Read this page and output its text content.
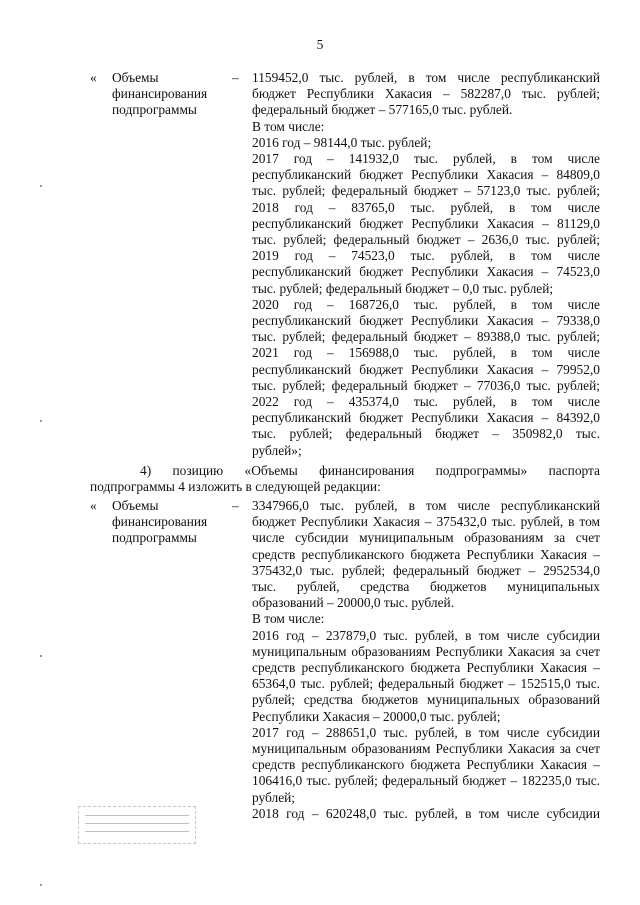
5
« Объемы
финансирования
подпрограммы
– 1159452,0 тыс. рублей, в том числе республиканский
бюджет Республики Хакасия – 582287,0 тыс. рублей;
федеральный бюджет – 577165,0 тыс. рублей.
В том числе:
2016 год – 98144,0 тыс. рублей;
2017 год – 141932,0 тыс. рублей, в том числе
республиканский бюджет Республики Хакасия – 84809,0
тыс. рублей; федеральный бюджет – 57123,0 тыс. рублей;
2018 год – 83765,0 тыс. рублей, в том числе
республиканский бюджет Республики Хакасия – 81129,0
тыс. рублей; федеральный бюджет – 2636,0 тыс. рублей;
2019 год – 74523,0 тыс. рублей, в том числе
республиканский бюджет Республики Хакасия – 74523,0
тыс. рублей; федеральный бюджет – 0,0 тыс. рублей;
2020 год – 168726,0 тыс. рублей, в том числе
республиканский бюджет Республики Хакасия – 79338,0
тыс. рублей; федеральный бюджет – 89388,0 тыс. рублей;
2021 год – 156988,0 тыс. рублей, в том числе
республиканский бюджет Республики Хакасия – 79952,0
тыс. рублей; федеральный бюджет – 77036,0 тыс. рублей;
2022 год – 435374,0 тыс. рублей, в том числе
республиканский бюджет Республики Хакасия – 84392,0
тыс. рублей; федеральный бюджет – 350982,0 тыс.
рублей»;
4) позицию «Объемы финансирования подпрограммы» паспорта
подпрограммы 4 изложить в следующей редакции:
« Объемы
финансирования
подпрограммы
– 3347966,0 тыс. рублей, в том числе республиканский
бюджет Республики Хакасия – 375432,0 тыс. рублей, в том
числе субсидии муниципальным образованиям за счет
средств республиканского бюджета Республики Хакасия –
375432,0 тыс. рублей; федеральный бюджет – 2952534,0
тыс. рублей, средства бюджетов муниципальных
образований – 20000,0 тыс. рублей.
В том числе:
2016 год – 237879,0 тыс. рублей, в том числе субсидии
муниципальным образованиям Республики Хакасия за счет
средств республиканского бюджета Республики Хакасия –
65364,0 тыс. рублей; федеральный бюджет – 152515,0 тыс.
рублей; средства бюджетов муниципальных образований
Республики Хакасия – 20000,0 тыс. рублей;
2017 год – 288651,0 тыс. рублей, в том числе субсидии
муниципальным образованиям Республики Хакасия за счет
средств республиканского бюджета Республики Хакасия –
106416,0 тыс. рублей; федеральный бюджет – 182235,0 тыс.
рублей;
2018 год – 620248,0 тыс. рублей, в том числе субсидии
